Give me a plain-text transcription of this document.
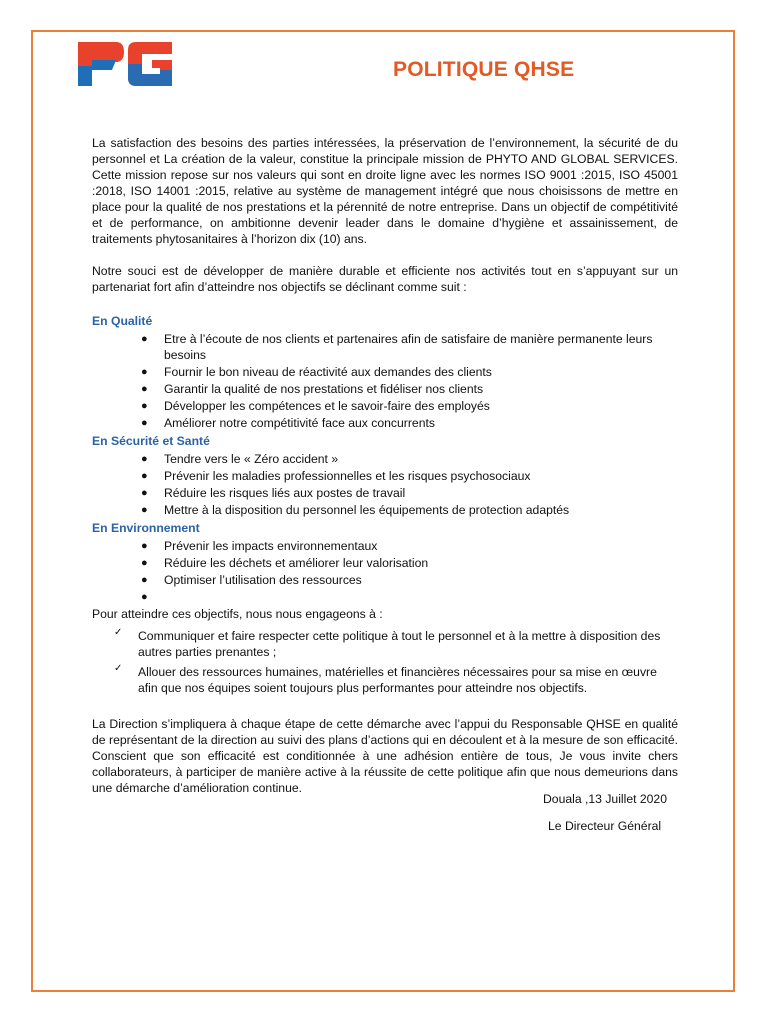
POLITIQUE QHSE

La satisfaction des besoins des parties intéressées, la préservation de l’environnement, la sécurité de du personnel et La création de la valeur, constitue la principale mission de PHYTO AND GLOBAL SERVICES. Cette mission repose sur nos valeurs qui sont en droite ligne avec les normes ISO 9001 :2015, ISO 45001 :2018, ISO 14001 :2015, relative au système de management intégré que nous choisissons de mettre en place pour la qualité de nos prestations et la pérennité de notre entreprise. Dans un objectif de compétitivité et de performance, on ambitionne devenir leader dans le domaine d’hygiène et assainissement, de traitements phytosanitaires à l’horizon dix (10) ans.

Notre souci est de développer de manière durable et efficiente nos activités tout en s’appuyant sur un partenariat fort afin d’atteindre nos objectifs se déclinant comme suit :

En Qualité
● Etre à l’écoute de nos clients et partenaires afin de satisfaire de manière permanente leurs besoins
● Fournir le bon niveau de réactivité aux demandes des clients
● Garantir la qualité de nos prestations et fidéliser nos clients
● Développer les compétences et le savoir-faire des employés
● Améliorer notre compétitivité face aux concurrents
En Sécurité et Santé
● Tendre vers le « Zéro accident »
● Prévenir les maladies professionnelles et les risques psychosociaux
● Réduire les risques liés aux postes de travail
● Mettre à la disposition du personnel les équipements de protection adaptés
En Environnement
● Prévenir les impacts environnementaux
● Réduire les déchets et améliorer leur valorisation
● Optimiser l’utilisation des ressources
●

Pour atteindre ces objectifs, nous nous engageons à :

✓ Communiquer et faire respecter cette politique à tout le personnel et à la mettre à disposition des autres parties prenantes ;
✓ Allouer des ressources humaines, matérielles et financières nécessaires pour sa mise en œuvre afin que nos équipes soient toujours plus performantes pour atteindre nos objectifs.

La Direction s’impliquera à chaque étape de cette démarche avec l’appui du Responsable QHSE en qualité de représentant de la direction au suivi des plans d’actions qui en découlent et à la mesure de son efficacité. Conscient que son efficacité est conditionnée à une adhésion entière de tous, Je vous invite chers collaborateurs, à participer de manière active à la réussite de cette politique afin que nous demeurions dans une démarche d’amélioration continue.

Douala ,13 Juillet 2020
Le Directeur Général
